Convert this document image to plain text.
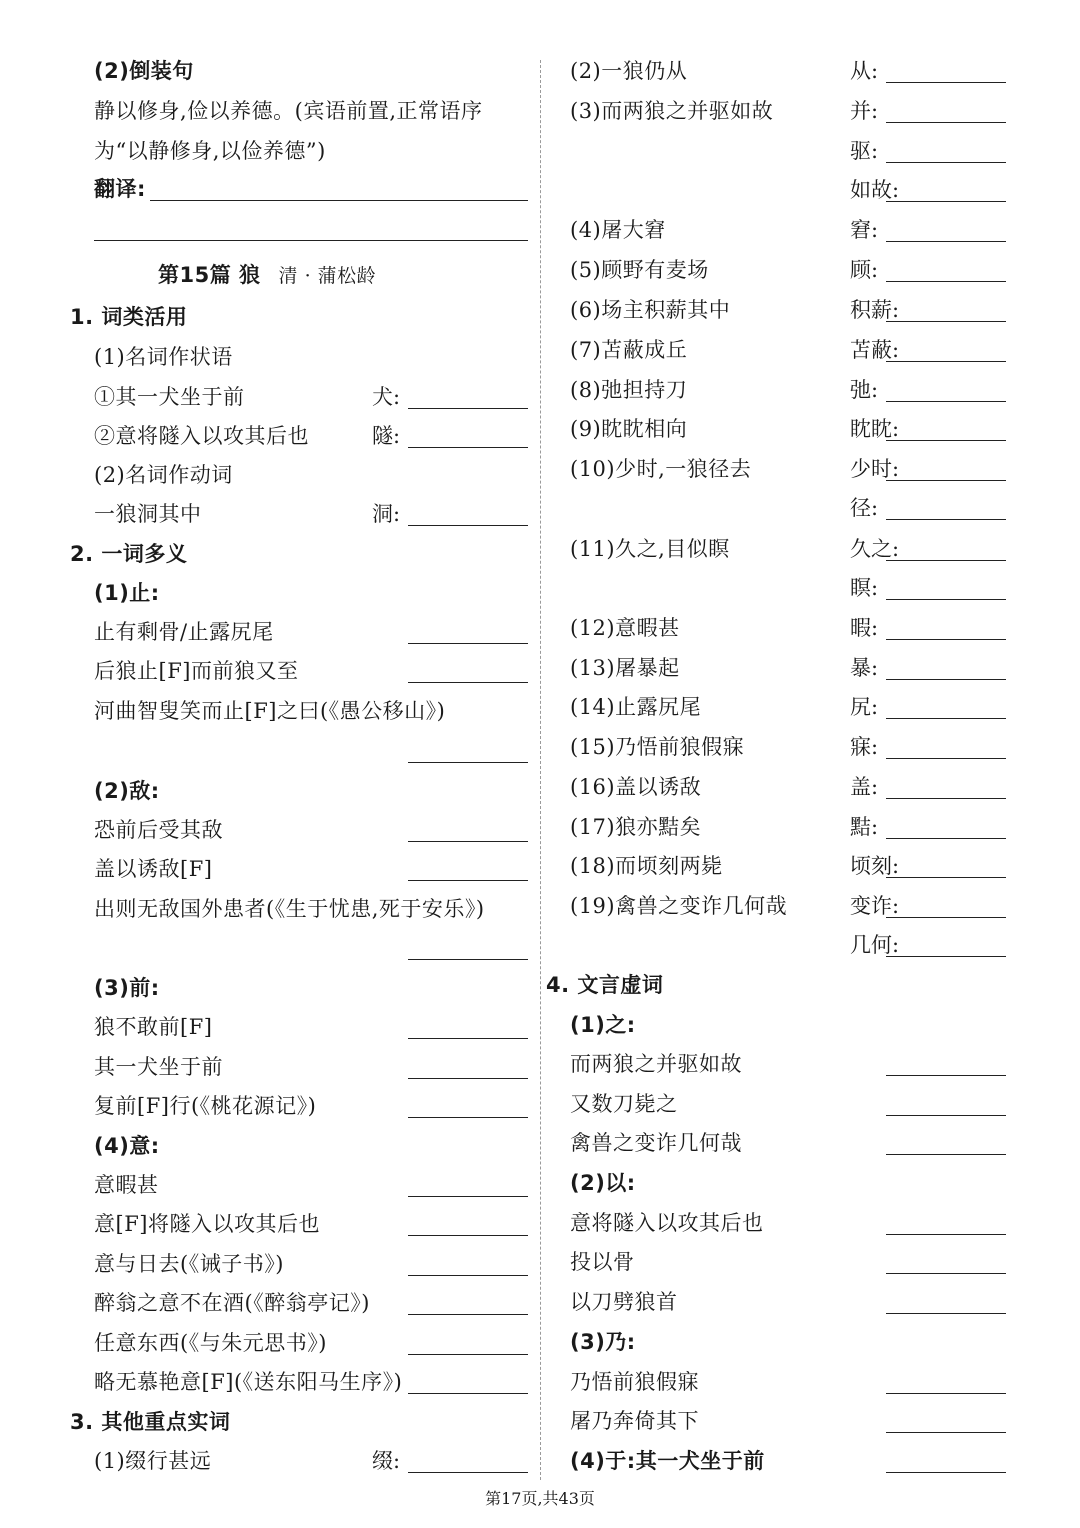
(2)倒装句
静以修身,俭以养德。(宾语前置,正常语序
为“以静修身,以俭养德”)
翻译:
第15篇 狼 清 · 蒲松龄
1. 词类活用
(1)名词作状语
①其一犬坐于前	犬:
②意将隧入以攻其后也	隧:
(2)名词作动词
一狼洞其中	洞:
2. 一词多义
(1)止:
止有剩骨/止露尻尾
后狼止[F]而前狼又至
河曲智叟笑而止[F]之曰(《愚公移山》)
(2)敌:
恐前后受其敌
盖以诱敌[F]
出则无敌国外患者(《生于忧患,死于安乐》)
(3)前:
狼不敢前[F]
其一犬坐于前
复前[F]行(《桃花源记》)
(4)意:
意暇甚
意[F]将隧入以攻其后也
意与日去(《诫子书》)
醉翁之意不在酒(《醉翁亭记》)
任意东西(《与朱元思书》)
略无慕艳意[F](《送东阳马生序》)
3. 其他重点实词
(1)缀行甚远	缀:
(2)一狼仍从	从:
(3)而两狼之并驱如故	并:
驱:
如故:
(4)屠大窘	窘:
(5)顾野有麦场	顾:
(6)场主积薪其中	积薪:
(7)苫蔽成丘	苫蔽:
(8)弛担持刀	弛:
(9)眈眈相向	眈眈:
(10)少时,一狼径去	少时:
径:
(11)久之,目似瞑	久之:
瞑:
(12)意暇甚	暇:
(13)屠暴起	暴:
(14)止露尻尾	尻:
(15)乃悟前狼假寐	寐:
(16)盖以诱敌	盖:
(17)狼亦黠矣	黠:
(18)而顷刻两毙	顷刻:
(19)禽兽之变诈几何哉	变诈:
几何:
4. 文言虚词
(1)之:
而两狼之并驱如故
又数刀毙之
禽兽之变诈几何哉
(2)以:
意将隧入以攻其后也
投以骨
以刀劈狼首
(3)乃:
乃悟前狼假寐
屠乃奔倚其下
(4)于:其一犬坐于前
第17页,共43页
